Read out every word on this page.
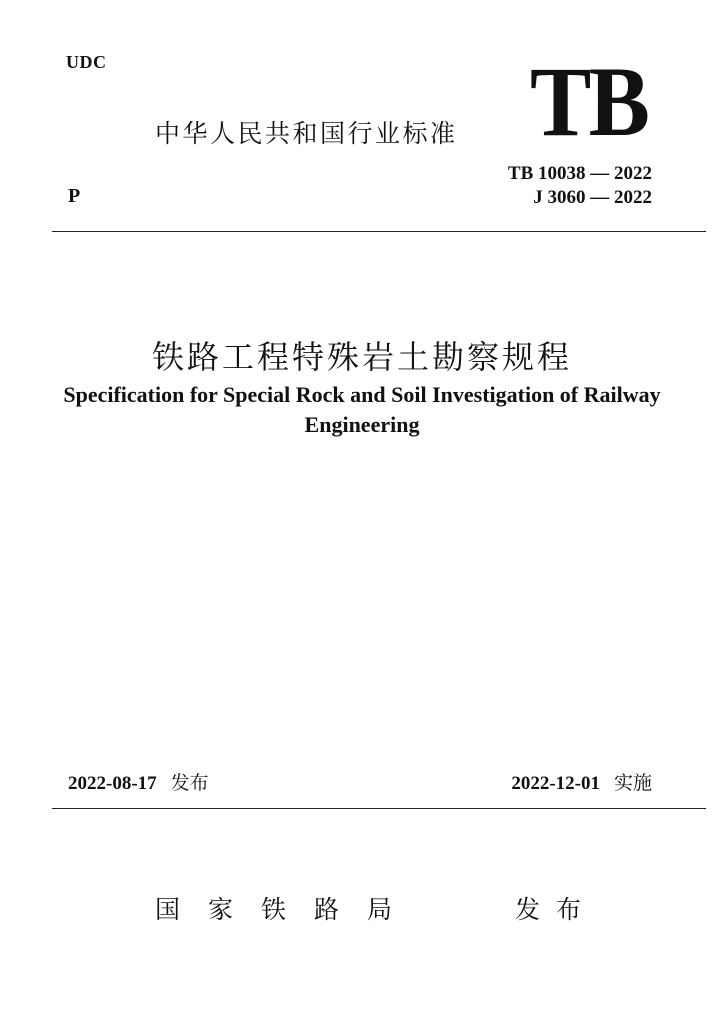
UDC
中华人民共和国行业标准 TB
P
TB 10038 — 2022
J 3060 — 2022
铁路工程特殊岩土勘察规程
Specification for Special Rock and Soil Investigation of Railway Engineering
2022-08-17 发布	2022-12-01 实施
国家铁路局	发布
